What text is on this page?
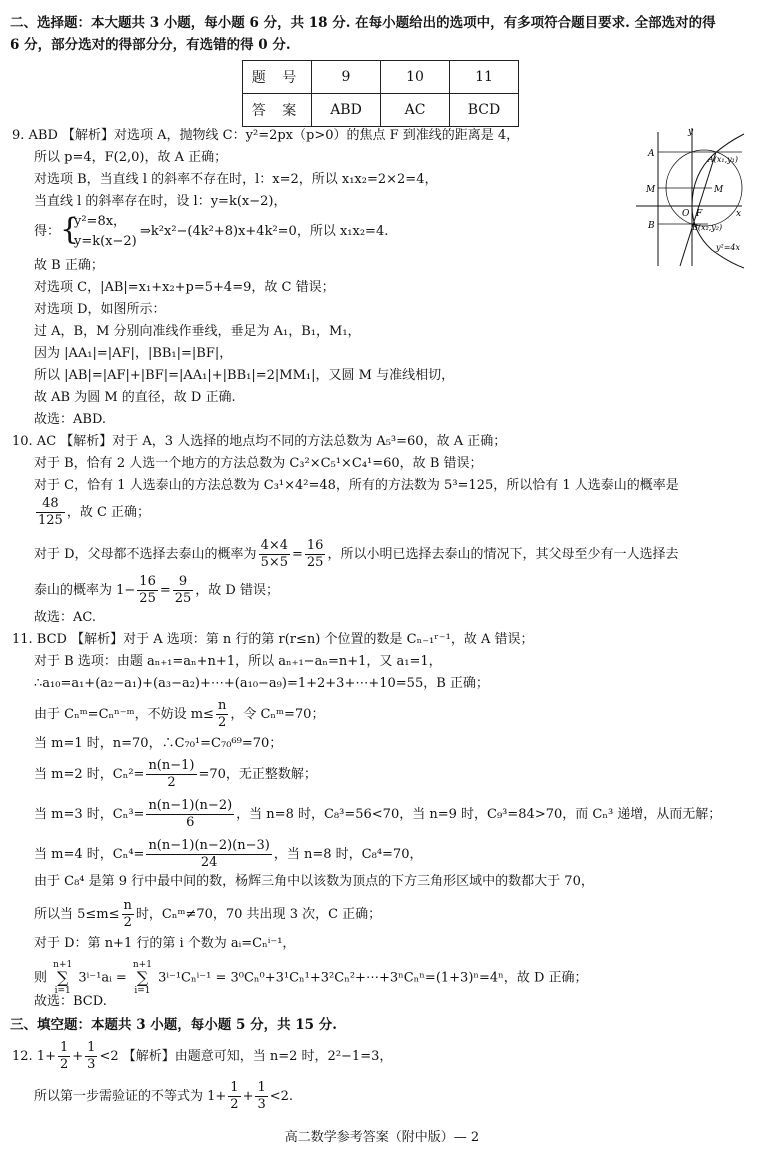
二、选择题：本大题共 3 小题，每小题 6 分，共 18 分. 在每小题给出的选项中，有多项符合题目要求. 全部选对的得
6 分，部分选对的得部分分，有选错的得 0 分.
题 号	9	10	11
答 案	ABD	AC	BCD
9. ABD 【解析】对选项 A，抛物线 C：y²=2px（p>0）的焦点 F 到准线的距离是 4，
所以 p=4，F(2,0)，故 A 正确；
对选项 B，当直线 l 的斜率不存在时，l：x=2，所以 x₁x₂=2×2=4，
当直线 l 的斜率存在时，设 l：y=k(x−2)，
得： {
y²=8x，
y=k(x−2)
⇒k²x²−(4k²+8)x+4k²=0，所以 x₁x₂=4.
故 B 正确；
对选项 C，|AB|=x₁+x₂+p=5+4=9，故 C 错误；
对选项 D，如图所示：
过 A，B，M 分别向准线作垂线，垂足为 A₁，B₁，M₁，
因为 |AA₁|=|AF|，|BB₁|=|BF|，
所以 |AB|=|AF|+|BF|=|AA₁|+|BB₁|=2|MM₁|，又圆 M 与准线相切，
故 AB 为圆 M 的直径，故 D 正确.
故选：ABD.
y
x
A
M
B
A(x₁,y₁)
M
O F
B(x₂,y₂)
y²=4x
10. AC 【解析】对于 A，3 人选择的地点均不同的方法总数为 A₅³=60，故 A 正确；
对于 B，恰有 2 人选一个地方的方法总数为 C₃²×C₅¹×C₄¹=60，故 B 错误；
对于 C，恰有 1 人选泰山的方法总数为 C₃¹×4²=48，所有的方法数为 5³=125，所以恰有 1 人选泰山的概率是
$\frac{48}{125}$ ，故 C 正确；
对于 D，父母都不选择去泰山的概率为 $\frac{4\times 4}{5\times 5} = \frac{16}{25}$ ，所以小明已选择去泰山的情况下，其父母至少有一人选择去
泰山的概率为 $1- \frac{16}{25} = \frac{9}{25}$ ，故 D 错误；
故选：AC.
11. BCD 【解析】对于 A 选项：第 n 行的第 r(r≤n) 个位置的数是 Cₙ₋₁ʳ⁻¹，故 A 错误；
对于 B 选项：由题 aₙ₊₁=aₙ+n+1，所以 aₙ₊₁−aₙ=n+1，又 a₁=1，
∴a₁₀=a₁+(a₂−a₁)+(a₃−a₂)+⋯+(a₁₀−a₉)=1+2+3+⋯+10=55，B 正确；
由于 Cₙᵐ=Cₙⁿ⁻ᵐ，不妨设 $m\le \frac{n}{2}$ ，令 Cₙᵐ=70；
当 m=1 时，n=70，∴C₇₀¹=C₇₀⁶⁹=70；
当 m=2 时，$C_n^2= \frac{n(n-1)}{2} =70$，无正整数解；
当 m=3 时，$C_n^3= \frac{n(n-1)(n-2)}{6}$ ，当 n=8 时，C₈³=56<70，当 n=9 时，C₉³=84>70，而 Cₙ³ 递增，从而无解；
当 m=4 时，$C_n^4= \frac{n(n-1)(n-2)(n-3)}{24}$ ，当 n=8 时，C₈⁴=70，
由于 C₈⁴ 是第 9 行中最中间的数，杨辉三角中以该数为顶点的下方三角形区域中的数都大于 70，
所以当 $5\le m\le \frac{n}{2}$ 时，Cₙᵐ≠70，70 共出现 3 次，C 正确；
对于 D：第 n+1 行的第 i 个数为 aᵢ=Cₙⁱ⁻¹，
则
n+1
∑
i=1
3ⁱ⁻¹aᵢ =
n+1
∑
i=1
3ⁱ⁻¹Cₙⁱ⁻¹ = 3⁰Cₙ⁰+3¹Cₙ¹+3²Cₙ²+⋯+3ⁿCₙⁿ=(1+3)ⁿ=4ⁿ，故 D 正确；
故选：BCD.
三、填空题：本题共 3 小题，每小题 5 分，共 15 分.
12. $1+ \frac{1}{2} + \frac{1}{3} <2$ 【解析】由题意可知，当 n=2 时，2²−1=3，
所以第一步需验证的不等式为 $1+ \frac{1}{2} + \frac{1}{3} <2$.
高二数学参考答案（附中版）— 2
